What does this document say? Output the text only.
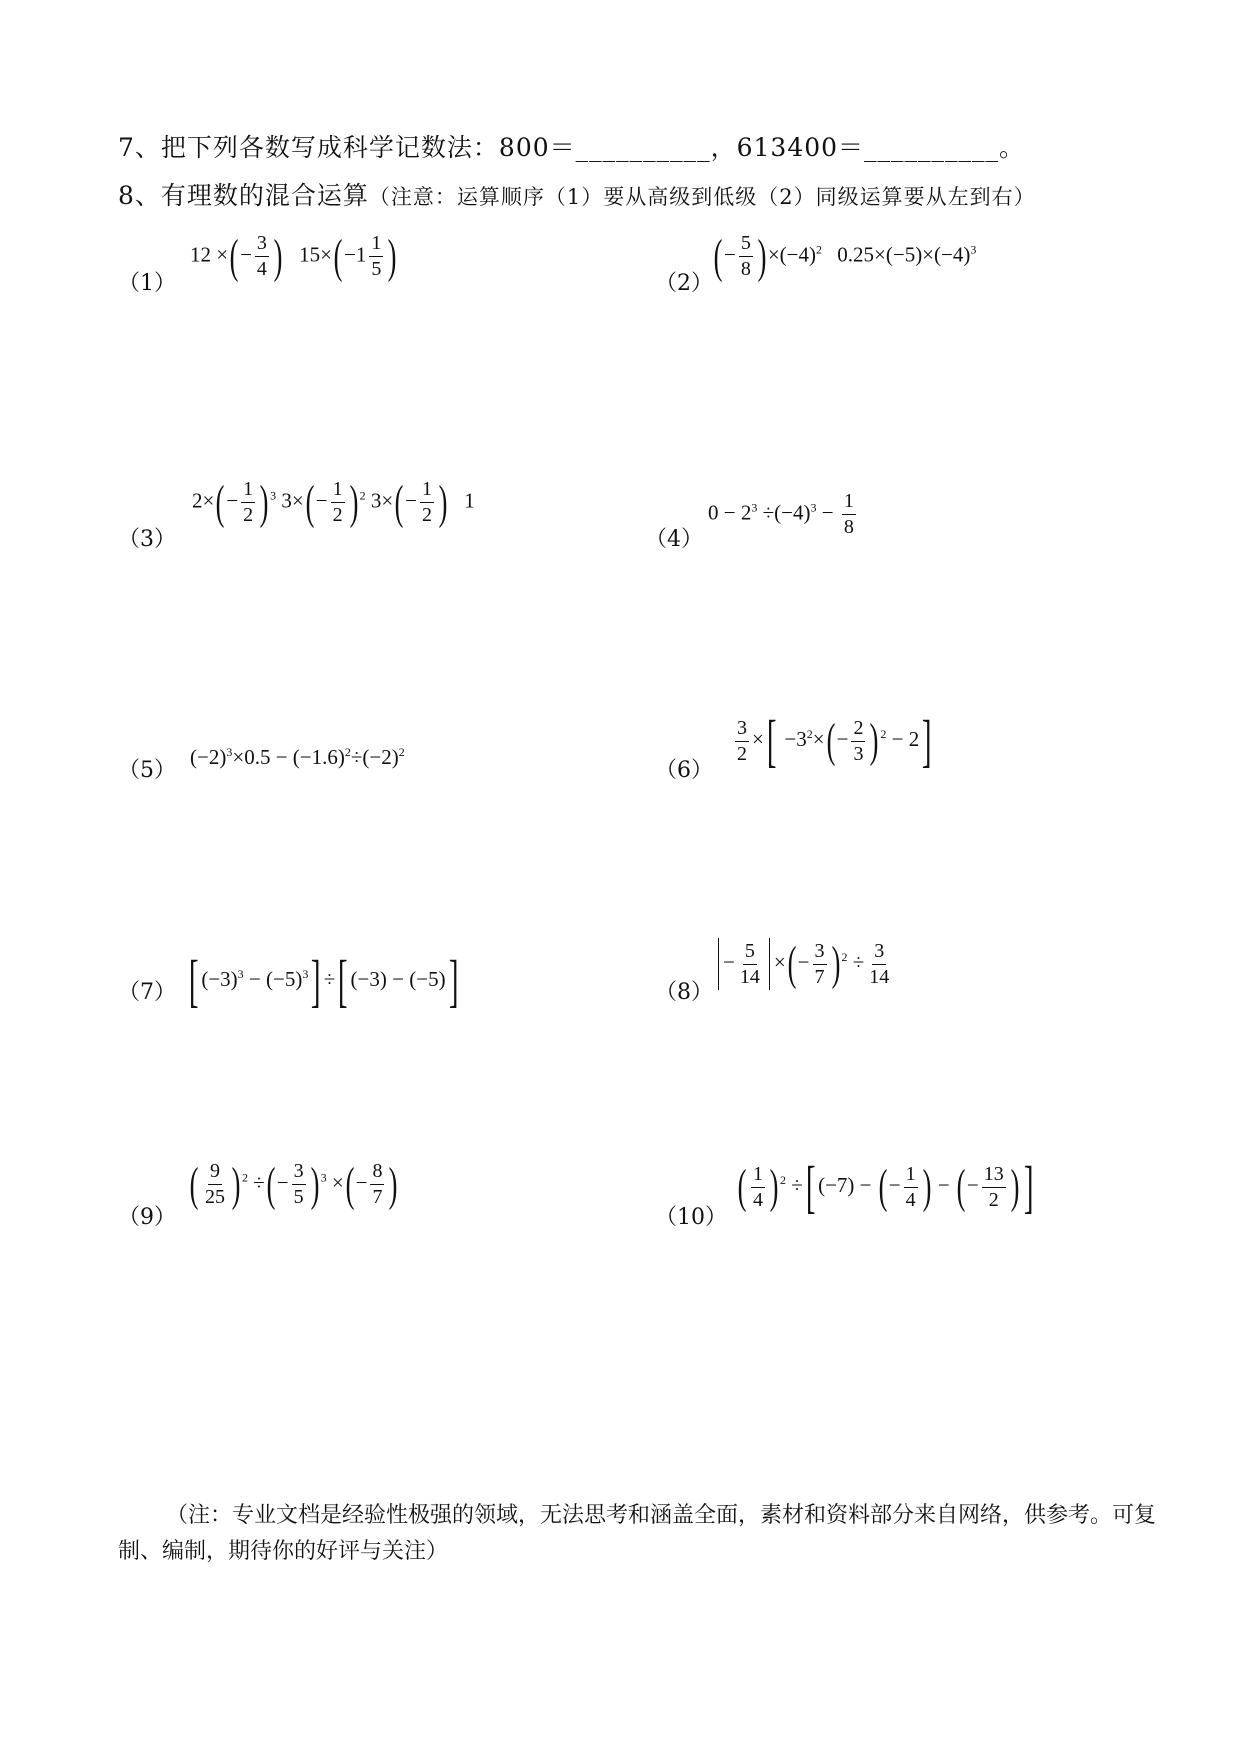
7、把下列各数写成科学记数法：800＝__________，613400＝__________。
8、有理数的混合运算（注意：运算顺序（1）要从高级到低级（2）同级运算要从左到右）
（1）
12 ×(− $\frac{3}{4}$ ) $15\times(-1 \frac{1}{5}$ )
（2）
(− $\frac{5}{8} )\times(-4)^2$ $0.25\times(-5)\times(-4)^3$
（3）
$2\times(- \frac{1}{2}$ ) $^3$ $3\times(- \frac{1}{2}$ ) $^2$ $3\times(- \frac{1}{2}$ ) 1
（4）
$0 - 2^3 \div(-4)^3 - \frac{1}{8}$
（5）
$(-2)^3\times 0.5 - (-1.6)^2\div(-2)^2$
（6）
$\frac{3}{2}$ ×[ $-3^2\times(- \frac{2}{3}$ ) $^2$ − 2]
（7） [ $(-3)^3 - (-5)^3$] ÷[ (−3) − (−5)]	（8）
− $\frac{5}{14}$ ×(− $\frac{3}{7}$ ) $^2 \div \frac{3}{14}$
（9）
( $\frac{9}{25}$ ) $^2$ ÷(− $\frac{3}{5}$ ) $^3$ ×(− $\frac{8}{7}$ )
（10）
( $\frac{1}{4}$ ) $^2$ ÷[ (−7) − (− $\frac{1}{4}$ ) − (− $\frac{13}{2}$ )]
（注：专业文档是经验性极强的领域，无法思考和涵盖全面，素材和资料部分来自网络，供参考。可复制、编制，期待你的好评与关注）
